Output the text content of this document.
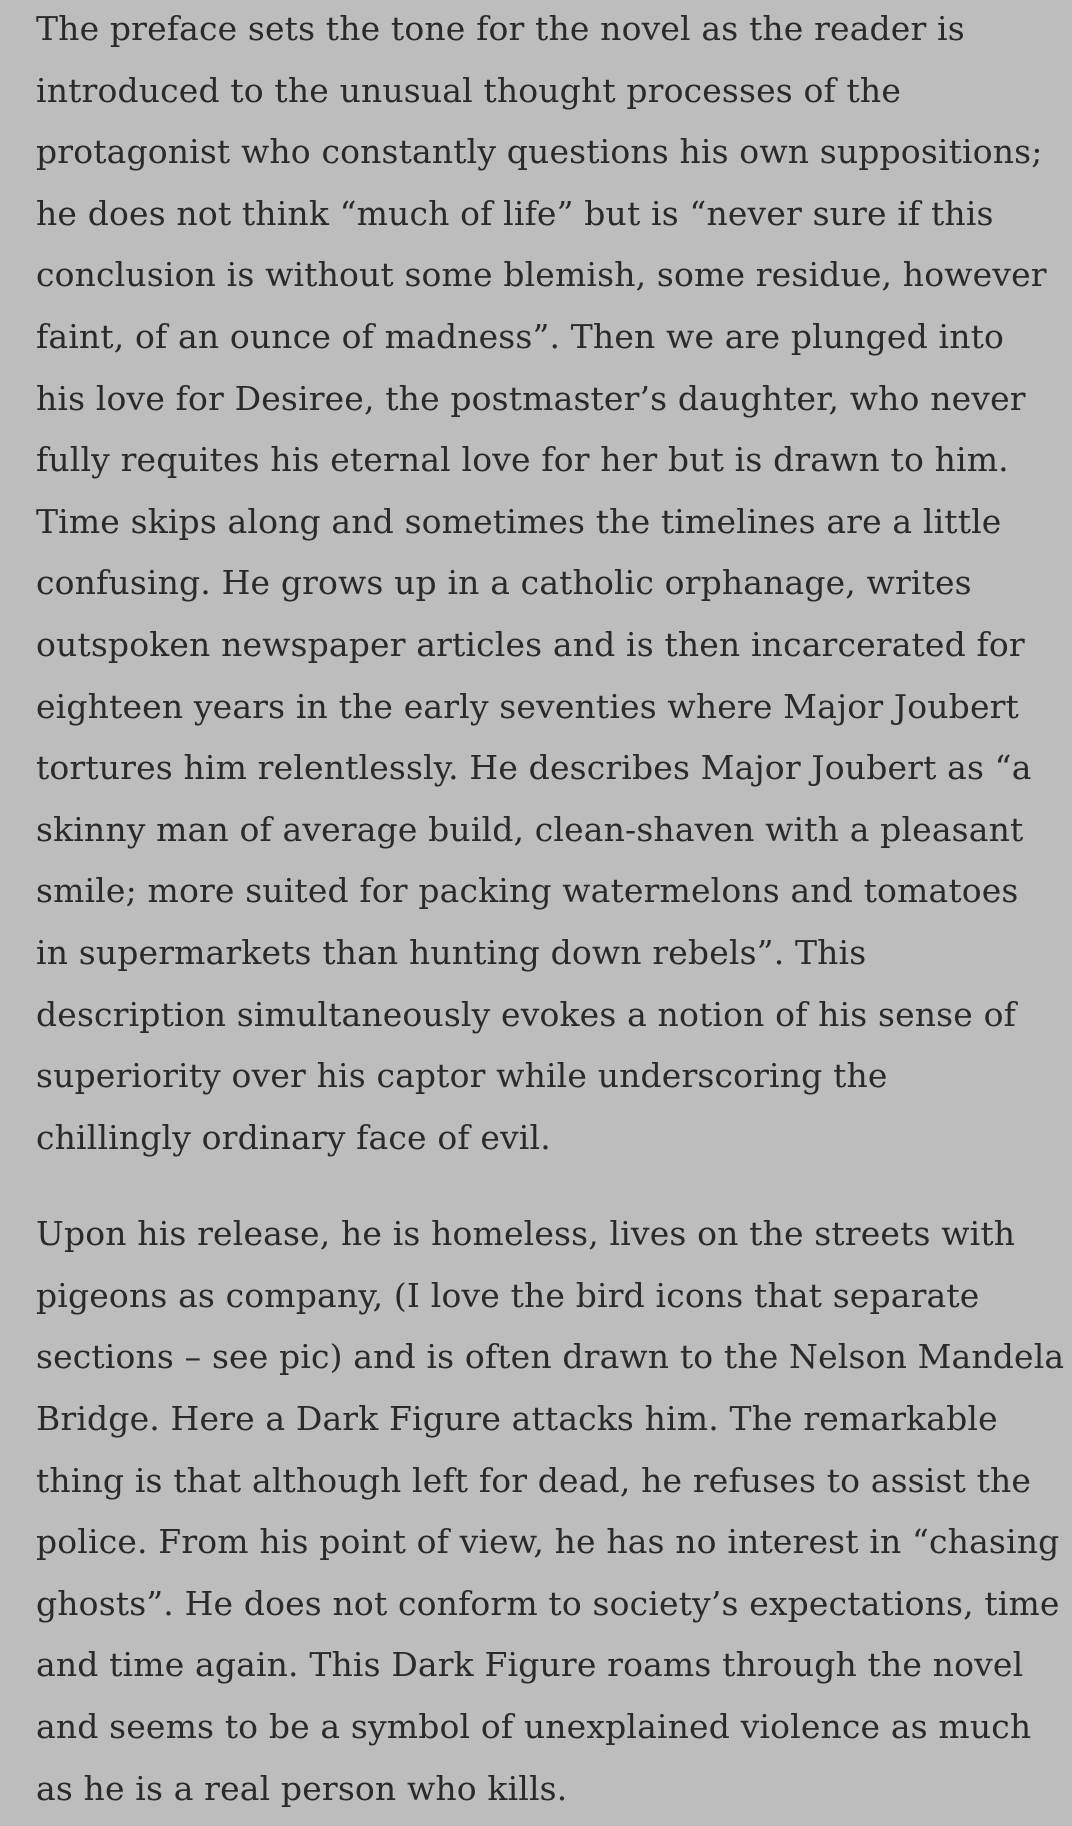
The preface sets the tone for the novel as the reader is
introduced to the unusual thought processes of the
protagonist who constantly questions his own suppositions;
he does not think “much of life” but is “never sure if this
conclusion is without some blemish, some residue, however
faint, of an ounce of madness”. Then we are plunged into
his love for Desiree, the postmaster’s daughter, who never
fully requites his eternal love for her but is drawn to him.
Time skips along and sometimes the timelines are a little
confusing. He grows up in a catholic orphanage, writes
outspoken newspaper articles and is then incarcerated for
eighteen years in the early seventies where Major Joubert
tortures him relentlessly. He describes Major Joubert as “a
skinny man of average build, clean-shaven with a pleasant
smile; more suited for packing watermelons and tomatoes
in supermarkets than hunting down rebels”. This
description simultaneously evokes a notion of his sense of
superiority over his captor while underscoring the
chillingly ordinary face of evil.

Upon his release, he is homeless, lives on the streets with
pigeons as company, (I love the bird icons that separate
sections – see pic) and is often drawn to the Nelson Mandela
Bridge. Here a Dark Figure attacks him. The remarkable
thing is that although left for dead, he refuses to assist the
police. From his point of view, he has no interest in “chasing
ghosts”. He does not conform to society’s expectations, time
and time again. This Dark Figure roams through the novel
and seems to be a symbol of unexplained violence as much
as he is a real person who kills.
